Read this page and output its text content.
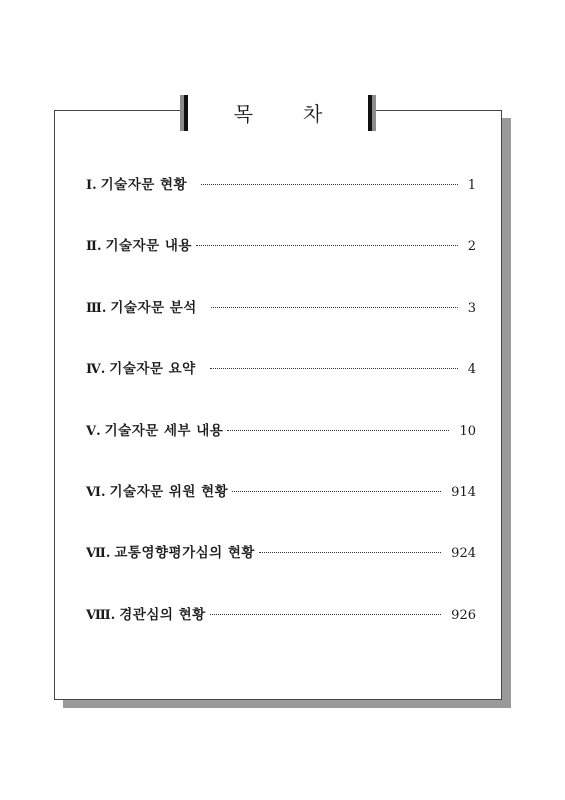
목	차
Ⅰ. 기술자문 현황	1
Ⅱ. 기술자문 내용	2
Ⅲ. 기술자문 분석	3
Ⅳ. 기술자문 요약	4
Ⅴ. 기술자문 세부 내용	10
Ⅵ. 기술자문 위원 현황	914
Ⅶ. 교통영향평가심의 현황	924
Ⅷ. 경관심의 현황	926
